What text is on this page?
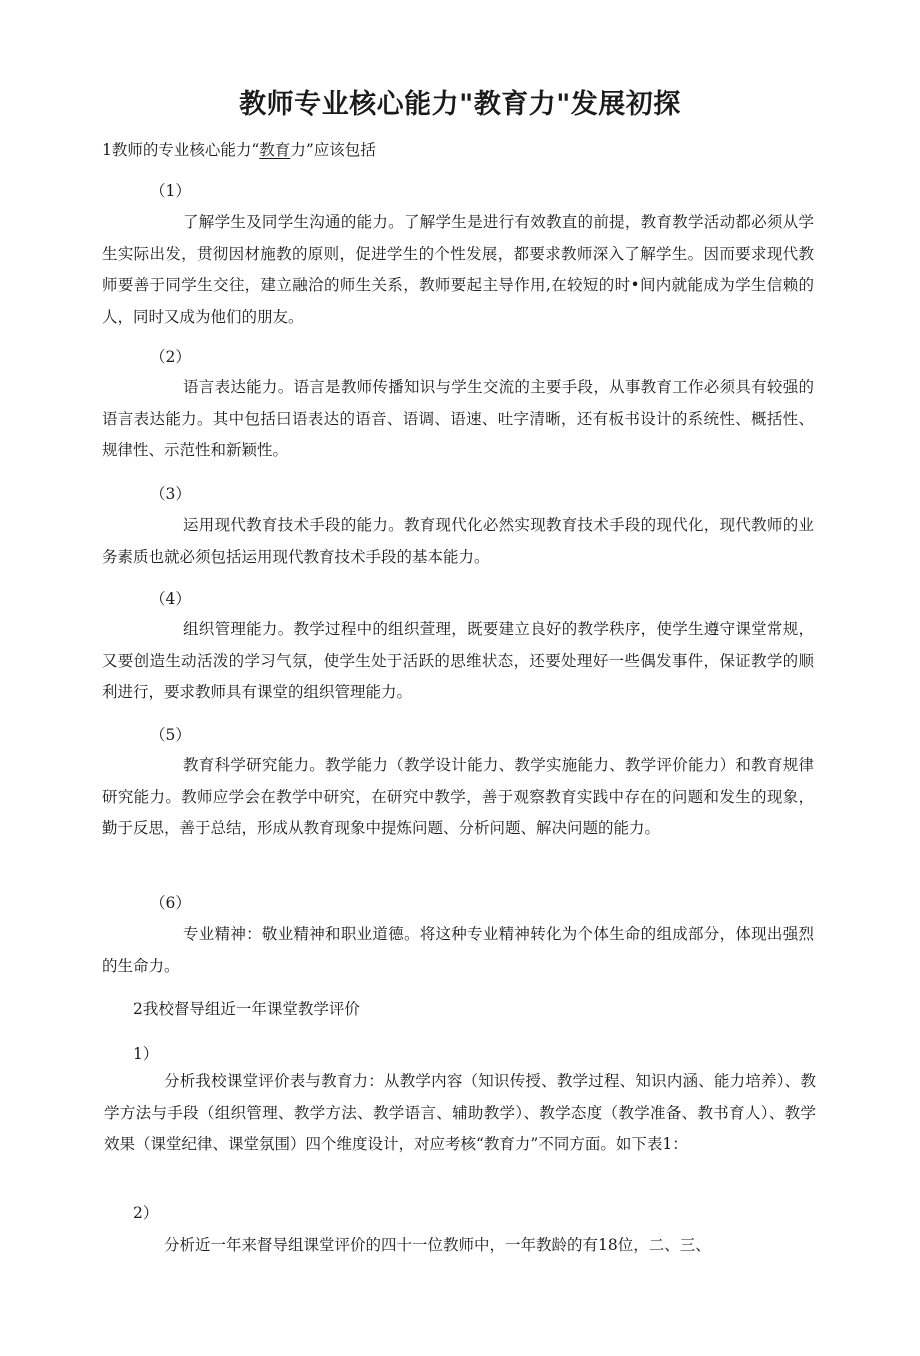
教师专业核心能力"教育力"发展初探
1教师的专业核心能力“教育力”应该包括
（1）
了解学生及同学生沟通的能力。了解学生是进行有效教直的前提，教育教学活动都必须从学生实际出发，贯彻因材施教的原则，促进学生的个性发展，都要求教师深入了解学生。因而要求现代教师要善于同学生交往，建立融洽的师生关系，教师要起主导作用,在较短的时•间内就能成为学生信赖的人，同时又成为他们的朋友。
（2）
语言表达能力。语言是教师传播知识与学生交流的主要手段，从事教育工作必须具有较强的语言表达能力。其中包括曰语表达的语音、语调、语速、吐字清晰，还有板书设计的系统性、概括性、规律性、示范性和新颖性。
（3）
运用现代教育技术手段的能力。教育现代化必然实现教育技术手段的现代化，现代教师的业务素质也就必须包括运用现代教育技术手段的基本能力。
（4）
组织管理能力。教学过程中的组织萱理，既要建立良好的教学秩序，使学生遵守课堂常规，又要创造生动活泼的学习气氛，使学生处于活跃的思维状态，还要处理好一些偶发事件，保证教学的顺利进行，要求教师具有课堂的组织管理能力。
（5）
教育科学研究能力。教学能力（教学设计能力、教学实施能力、教学评价能力）和教育规律研究能力。教师应学会在教学中研究，在研究中教学，善于观察教育实践中存在的问题和发生的现象，勤于反思，善于总结，形成从教育现象中提炼问题、分析问题、解决问题的能力。
（6）
专业精神：敬业精神和职业道德。将这种专业精神转化为个体生命的组成部分，体现出强烈的生命力。
2我校督导组近一年课堂教学评价
1）
分析我校课堂评价表与教育力：从教学内容（知识传授、教学过程、知识内涵、能力培养）、教学方法与手段（组织管理、教学方法、教学语言、辅助教学）、教学态度（教学准备、教书育人）、教学效果（课堂纪律、课堂氛围）四个维度设计，对应考核“教育力”不同方面。如下表1：
2）
分析近一年来督导组课堂评价的四十一位教师中，一年教龄的有18位，二、三、
